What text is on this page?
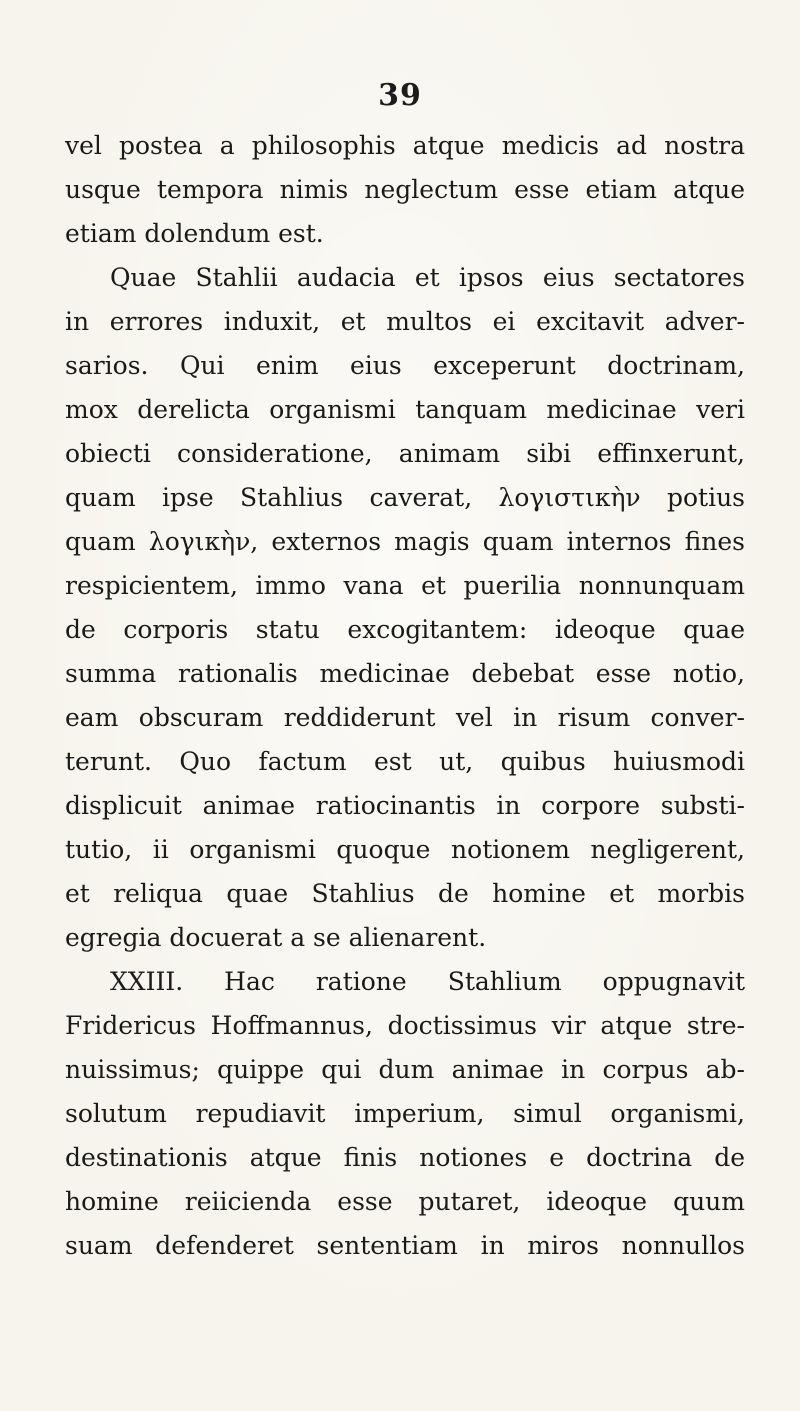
39
vel postea a philosophis atque medicis ad nostra
usque tempora nimis neglectum esse etiam atque
etiam dolendum est.
Quae Stahlii audacia et ipsos eius sectatores
in errores induxit, et multos ei excitavit adver-
sarios. Qui enim eius exceperunt doctrinam,
mox derelicta organismi tanquam medicinae veri
obiecti consideratione, animam sibi effinxerunt,
quam ipse Stahlius caverat, λογιστικὴν potius
quam λογικὴν, externos magis quam internos fines
respicientem, immo vana et puerilia nonnunquam
de corporis statu excogitantem: ideoque quae
summa rationalis medicinae debebat esse notio,
eam obscuram reddiderunt vel in risum conver-
terunt. Quo factum est ut, quibus huiusmodi
displicuit animae ratiocinantis in corpore substi-
tutio, ii organismi quoque notionem negligerent,
et reliqua quae Stahlius de homine et morbis
egregia docuerat a se alienarent.
XXIII. Hac ratione Stahlium oppugnavit
Fridericus Hoffmannus, doctissimus vir atque stre-
nuissimus; quippe qui dum animae in corpus ab-
solutum repudiavit imperium, simul organismi,
destinationis atque finis notiones e doctrina de
homine reiicienda esse putaret, ideoque quum
suam defenderet sententiam in miros nonnullos
